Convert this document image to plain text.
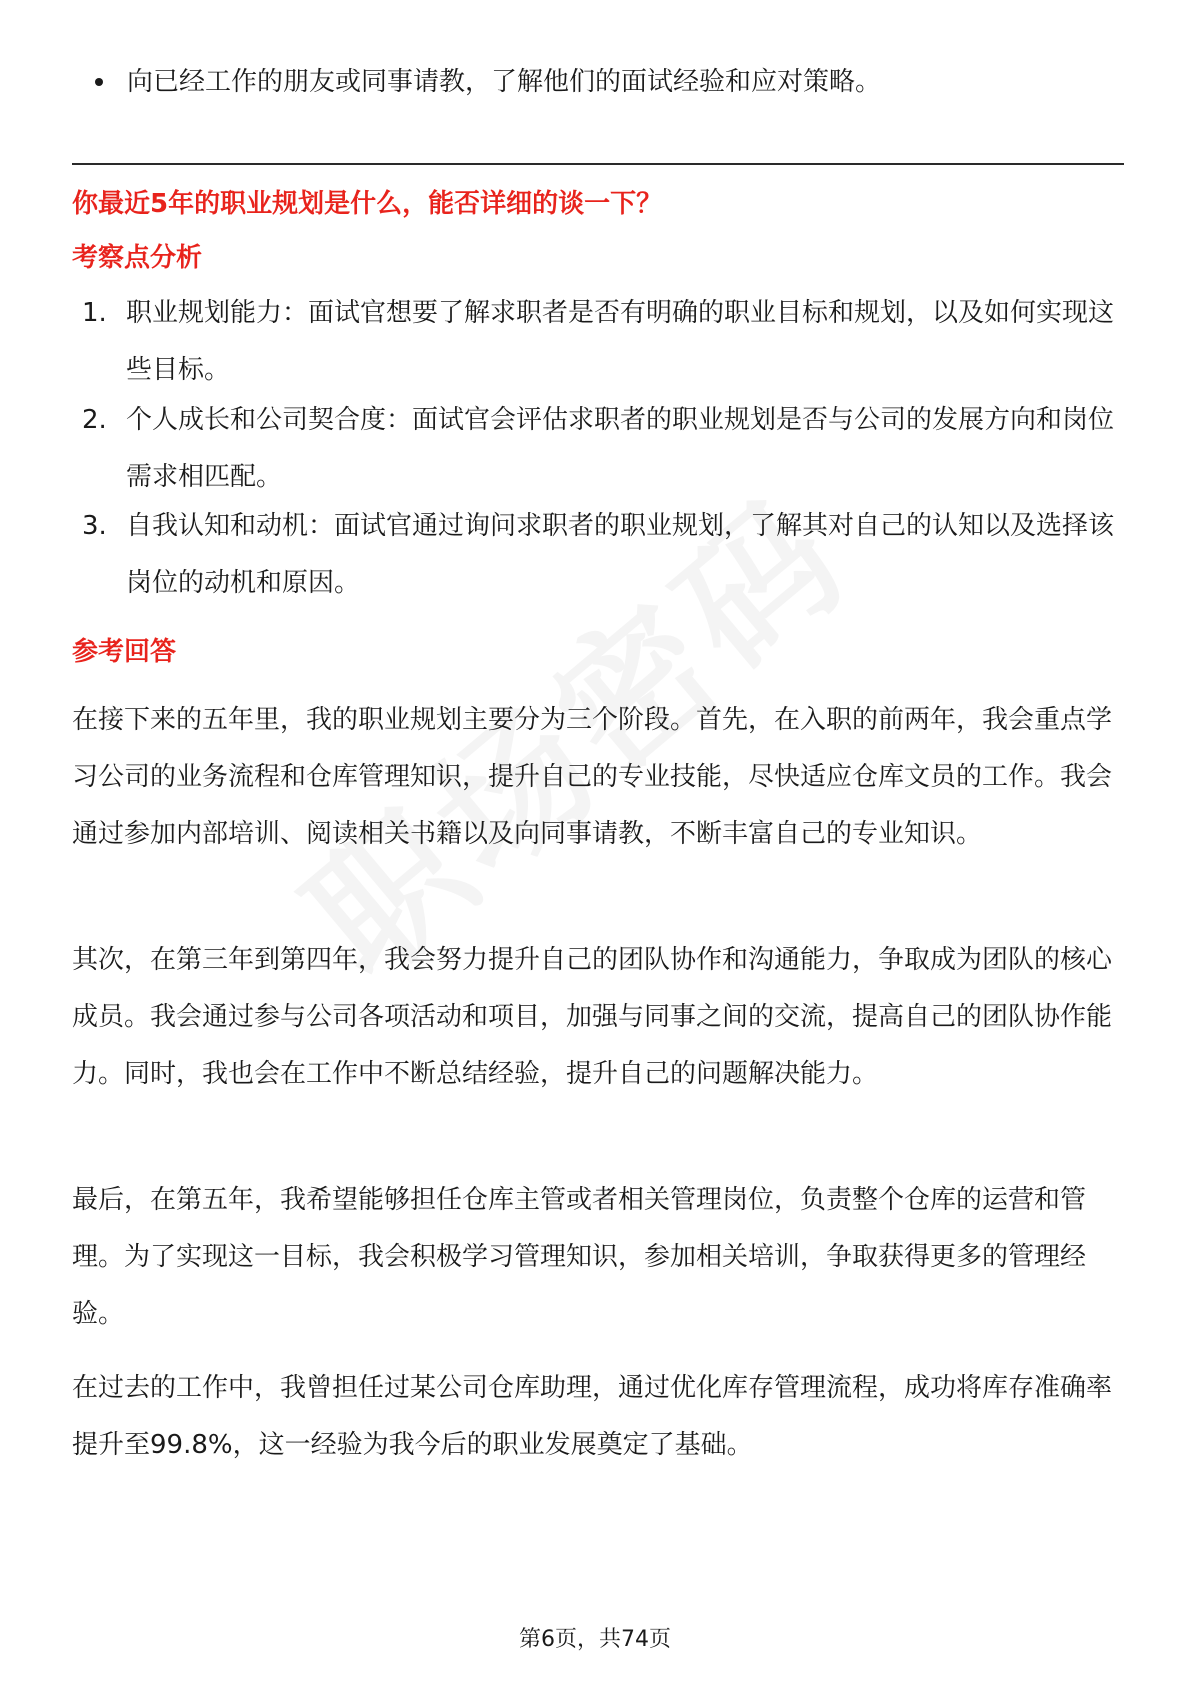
向已经工作的朋友或同事请教，了解他们的面试经验和应对策略。
你最近5年的职业规划是什么，能否详细的谈一下？
考察点分析
1. 职业规划能力：面试官想要了解求职者是否有明确的职业目标和规划，以及如何实现这些目标。
2. 个人成长和公司契合度：面试官会评估求职者的职业规划是否与公司的发展方向和岗位需求相匹配。
3. 自我认知和动机：面试官通过询问求职者的职业规划，了解其对自己的认知以及选择该岗位的动机和原因。
参考回答
在接下来的五年里，我的职业规划主要分为三个阶段。首先，在入职的前两年，我会重点学习公司的业务流程和仓库管理知识，提升自己的专业技能，尽快适应仓库文员的工作。我会通过参加内部培训、阅读相关书籍以及向同事请教，不断丰富自己的专业知识。
其次，在第三年到第四年，我会努力提升自己的团队协作和沟通能力，争取成为团队的核心成员。我会通过参与公司各项活动和项目，加强与同事之间的交流，提高自己的团队协作能力。同时，我也会在工作中不断总结经验，提升自己的问题解决能力。
最后，在第五年，我希望能够担任仓库主管或者相关管理岗位，负责整个仓库的运营和管理。为了实现这一目标，我会积极学习管理知识，参加相关培训，争取获得更多的管理经验。
在过去的工作中，我曾担任过某公司仓库助理，通过优化库存管理流程，成功将库存准确率提升至99.8%，这一经验为我今后的职业发展奠定了基础。
第6页，共74页
